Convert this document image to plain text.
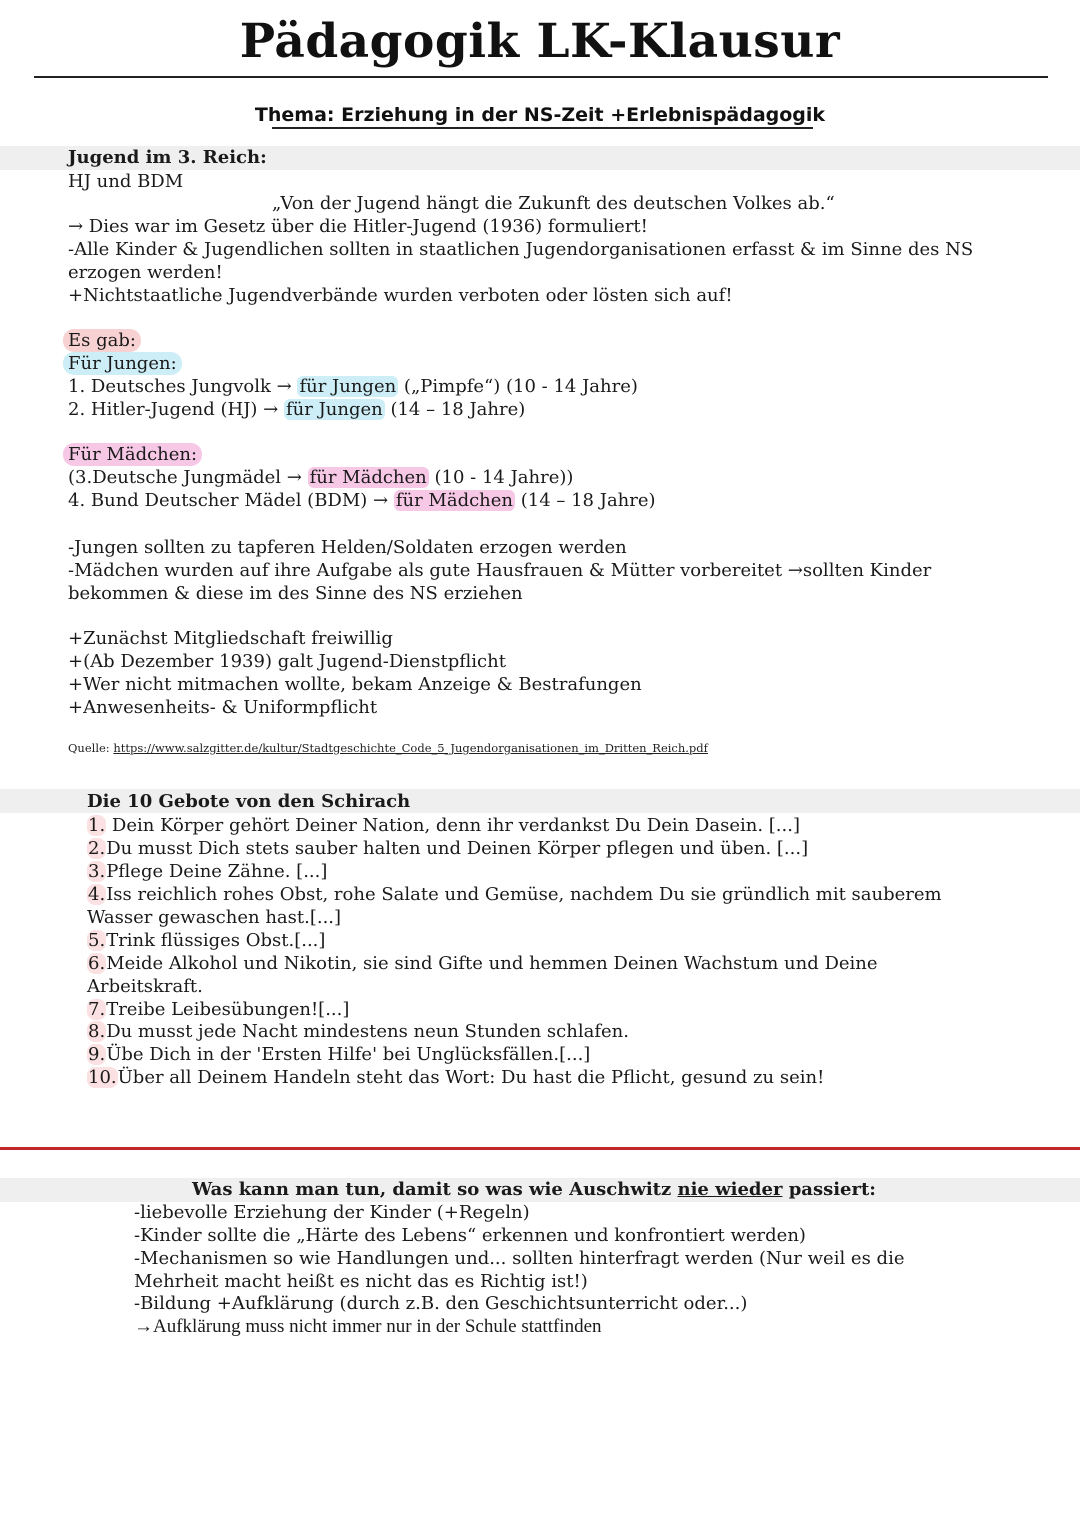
Pädagogik LK-Klausur
Thema: Erziehung in der NS-Zeit +Erlebnispädagogik
Jugend im 3. Reich:
HJ und BDM
„Von der Jugend hängt die Zukunft des deutschen Volkes ab.“
→ Dies war im Gesetz über die Hitler-Jugend (1936) formuliert!
-Alle Kinder & Jugendlichen sollten in staatlichen Jugendorganisationen erfasst & im Sinne des NS
erzogen werden!
+Nichtstaatliche Jugendverbände wurden verboten oder lösten sich auf!
Es gab:
Für Jungen:
1. Deutsches Jungvolk → für Jungen („Pimpfe“) (10 - 14 Jahre)
2. Hitler-Jugend (HJ) → für Jungen (14 – 18 Jahre)
Für Mädchen:
(3.Deutsche Jungmädel → für Mädchen (10 - 14 Jahre))
4. Bund Deutscher Mädel (BDM) → für Mädchen (14 – 18 Jahre)
-Jungen sollten zu tapferen Helden/Soldaten erzogen werden
-Mädchen wurden auf ihre Aufgabe als gute Hausfrauen & Mütter vorbereitet →sollten Kinder
bekommen & diese im des Sinne des NS erziehen
+Zunächst Mitgliedschaft freiwillig
+(Ab Dezember 1939) galt Jugend-Dienstpflicht
+Wer nicht mitmachen wollte, bekam Anzeige & Bestrafungen
+Anwesenheits- & Uniformpflicht
Quelle: https://www.salzgitter.de/kultur/Stadtgeschichte_Code_5_Jugendorganisationen_im_Dritten_Reich.pdf
Die 10 Gebote von den Schirach
1. Dein Körper gehört Deiner Nation, denn ihr verdankst Du Dein Dasein. [...]
2.Du musst Dich stets sauber halten und Deinen Körper pflegen und üben. [...]
3.Pflege Deine Zähne. [...]
4.Iss reichlich rohes Obst, rohe Salate und Gemüse, nachdem Du sie gründlich mit sauberem
Wasser gewaschen hast.[...]
5.Trink flüssiges Obst.[...]
6.Meide Alkohol und Nikotin, sie sind Gifte und hemmen Deinen Wachstum und Deine
Arbeitskraft.
7.Treibe Leibesübungen![...]
8.Du musst jede Nacht mindestens neun Stunden schlafen.
9.Übe Dich in der 'Ersten Hilfe' bei Unglücksfällen.[...]
10.Über all Deinem Handeln steht das Wort: Du hast die Pflicht, gesund zu sein!
Was kann man tun, damit so was wie Auschwitz nie wieder passiert:
-liebevolle Erziehung der Kinder (+Regeln)
-Kinder sollte die „Härte des Lebens“ erkennen und konfrontiert werden)
-Mechanismen so wie Handlungen und... sollten hinterfragt werden (Nur weil es die
Mehrheit macht heißt es nicht das es Richtig ist!)
-Bildung +Aufklärung (durch z.B. den Geschichtsunterricht oder...)
→Aufklärung muss nicht immer nur in der Schule stattfinden
